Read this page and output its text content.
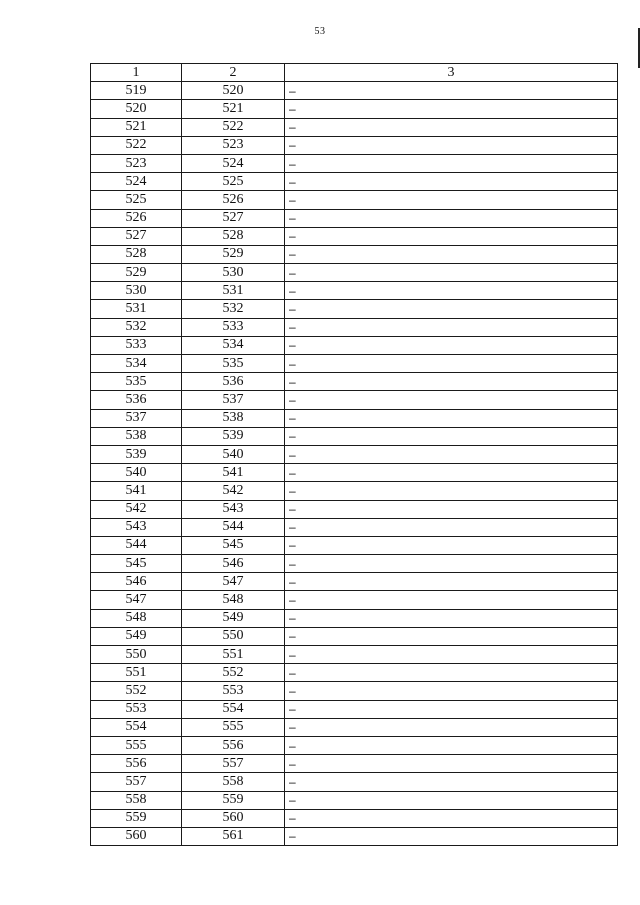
53
1	2	3
519	520	–
520	521	–
521	522	–
522	523	–
523	524	–
524	525	–
525	526	–
526	527	–
527	528	–
528	529	–
529	530	–
530	531	–
531	532	–
532	533	–
533	534	–
534	535	–
535	536	–
536	537	–
537	538	–
538	539	–
539	540	–
540	541	–
541	542	–
542	543	–
543	544	–
544	545	–
545	546	–
546	547	–
547	548	–
548	549	–
549	550	–
550	551	–
551	552	–
552	553	–
553	554	–
554	555	–
555	556	–
556	557	–
557	558	–
558	559	–
559	560	–
560	561	–
